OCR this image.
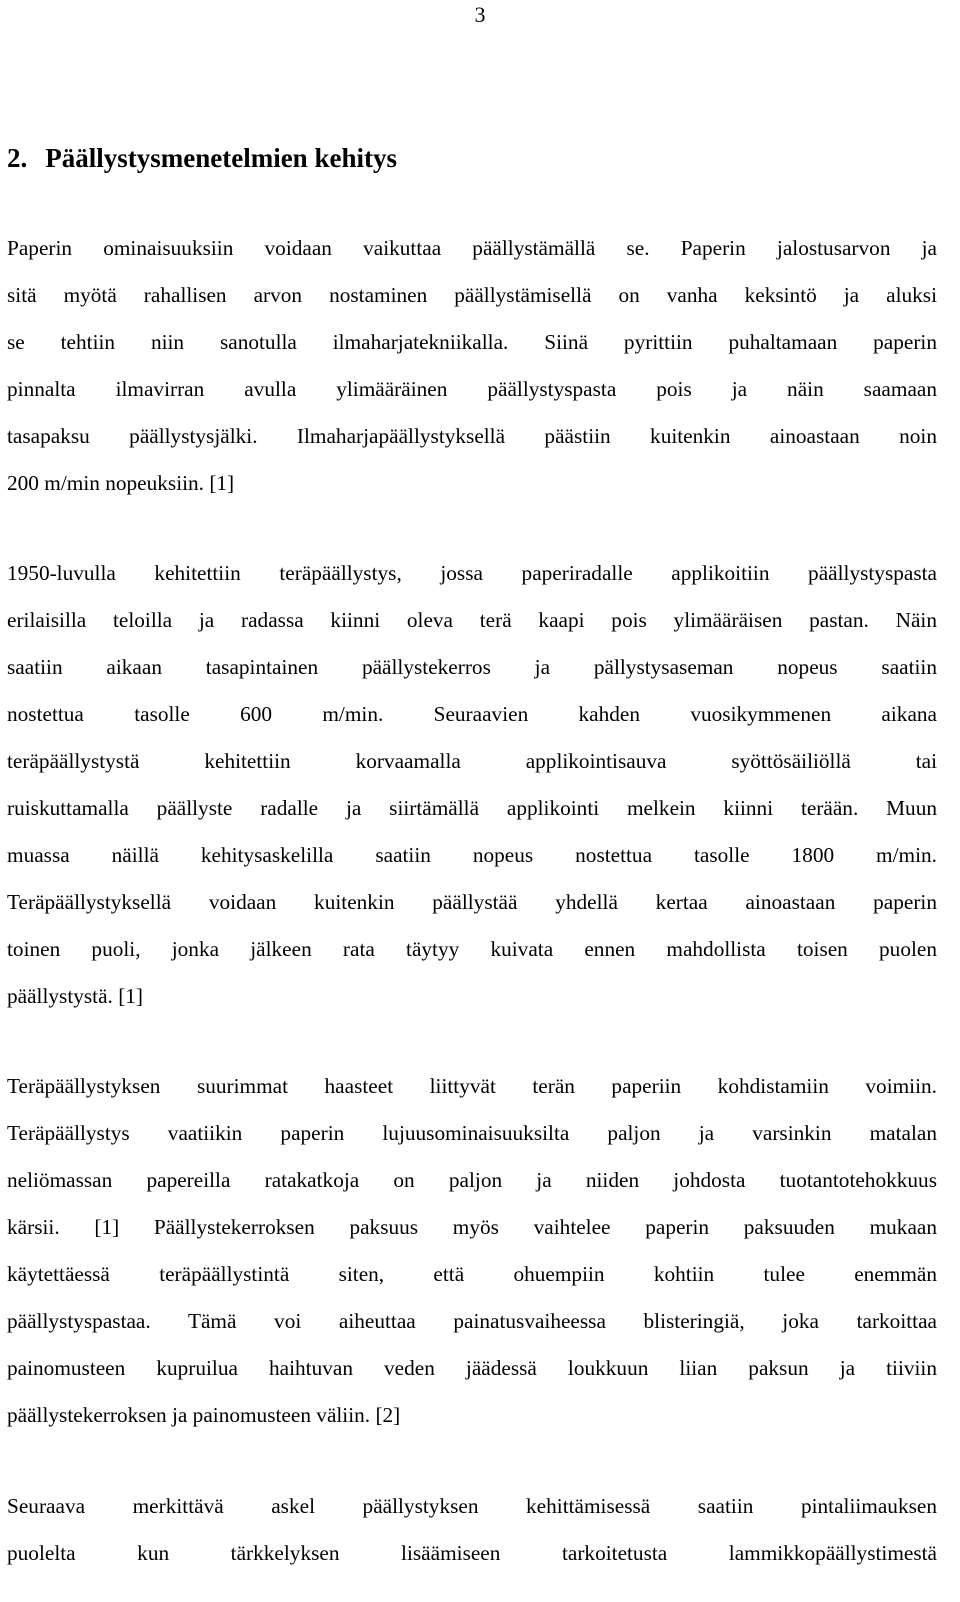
3
2. Päällystysmenetelmien kehitys

Paperin ominaisuuksiin voidaan vaikuttaa päällystämällä se. Paperin jalostusarvon ja
sitä myötä rahallisen arvon nostaminen päällystämisellä on vanha keksintö ja aluksi
se tehtiin niin sanotulla ilmaharjatekniikalla. Siinä pyrittiin puhaltamaan paperin
pinnalta ilmavirran avulla ylimääräinen päällystyspasta pois ja näin saamaan
tasapaksu päällystysjälki. Ilmaharjapäällystyksellä päästiin kuitenkin ainoastaan noin
200 m/min nopeuksiin. [1]

1950-luvulla kehitettiin teräpäällystys, jossa paperiradalle applikoitiin päällystyspasta
erilaisilla teloilla ja radassa kiinni oleva terä kaapi pois ylimääräisen pastan. Näin
saatiin aikaan tasapintainen päällystekerros ja pällystysaseman nopeus saatiin
nostettua tasolle 600 m/min. Seuraavien kahden vuosikymmenen aikana
teräpäällystystä kehitettiin korvaamalla applikointisauva syöttösäiliöllä tai
ruiskuttamalla päällyste radalle ja siirtämällä applikointi melkein kiinni terään. Muun
muassa näillä kehitysaskelilla saatiin nopeus nostettua tasolle 1800 m/min.
Teräpäällystyksellä voidaan kuitenkin päällystää yhdellä kertaa ainoastaan paperin
toinen puoli, jonka jälkeen rata täytyy kuivata ennen mahdollista toisen puolen
päällystystä. [1]

Teräpäällystyksen suurimmat haasteet liittyvät terän paperiin kohdistamiin voimiin.
Teräpäällystys vaatiikin paperin lujuusominaisuuksilta paljon ja varsinkin matalan
neliömassan papereilla ratakatkoja on paljon ja niiden johdosta tuotantotehokkuus
kärsii. [1] Päällystekerroksen paksuus myös vaihtelee paperin paksuuden mukaan
käytettäessä teräpäällystintä siten, että ohuempiin kohtiin tulee enemmän
päällystyspastaa. Tämä voi aiheuttaa painatusvaiheessa blisteringiä, joka tarkoittaa
painomusteen kupruilua haihtuvan veden jäädessä loukkuun liian paksun ja tiiviin
päällystekerroksen ja painomusteen väliin. [2]

Seuraava merkittävä askel päällystyksen kehittämisessä saatiin pintaliimauksen
puolelta kun tärkkelyksen lisäämiseen tarkoitetusta lammikkopäällystimestä
